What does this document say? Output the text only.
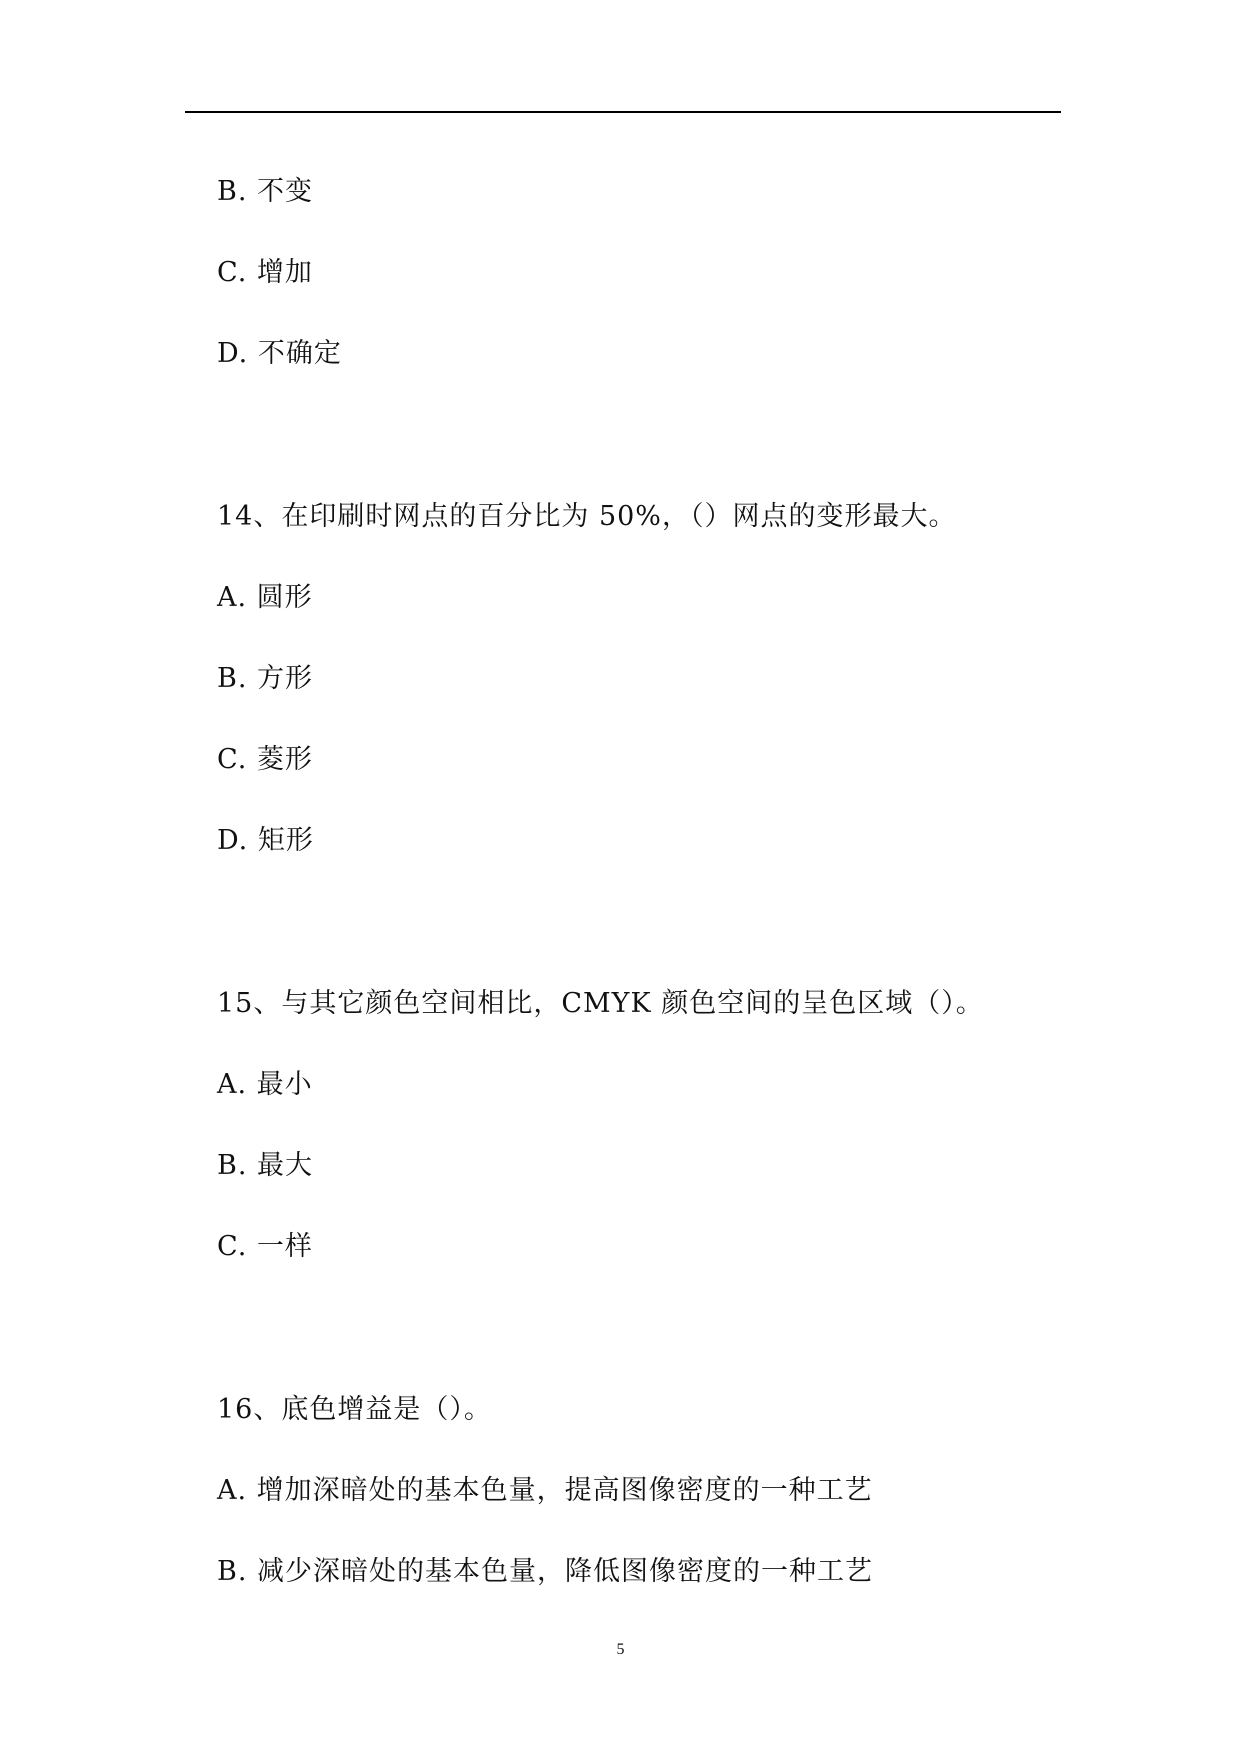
B. 不变
C. 增加
D. 不确定
14、在印刷时网点的百分比为 50%，（）网点的变形最大。
A. 圆形
B. 方形
C. 菱形
D. 矩形
15、与其它颜色空间相比，CMYK 颜色空间的呈色区域（）。
A. 最小
B. 最大
C. 一样
16、底色增益是（）。
A. 增加深暗处的基本色量，提高图像密度的一种工艺
B. 减少深暗处的基本色量，降低图像密度的一种工艺
5
